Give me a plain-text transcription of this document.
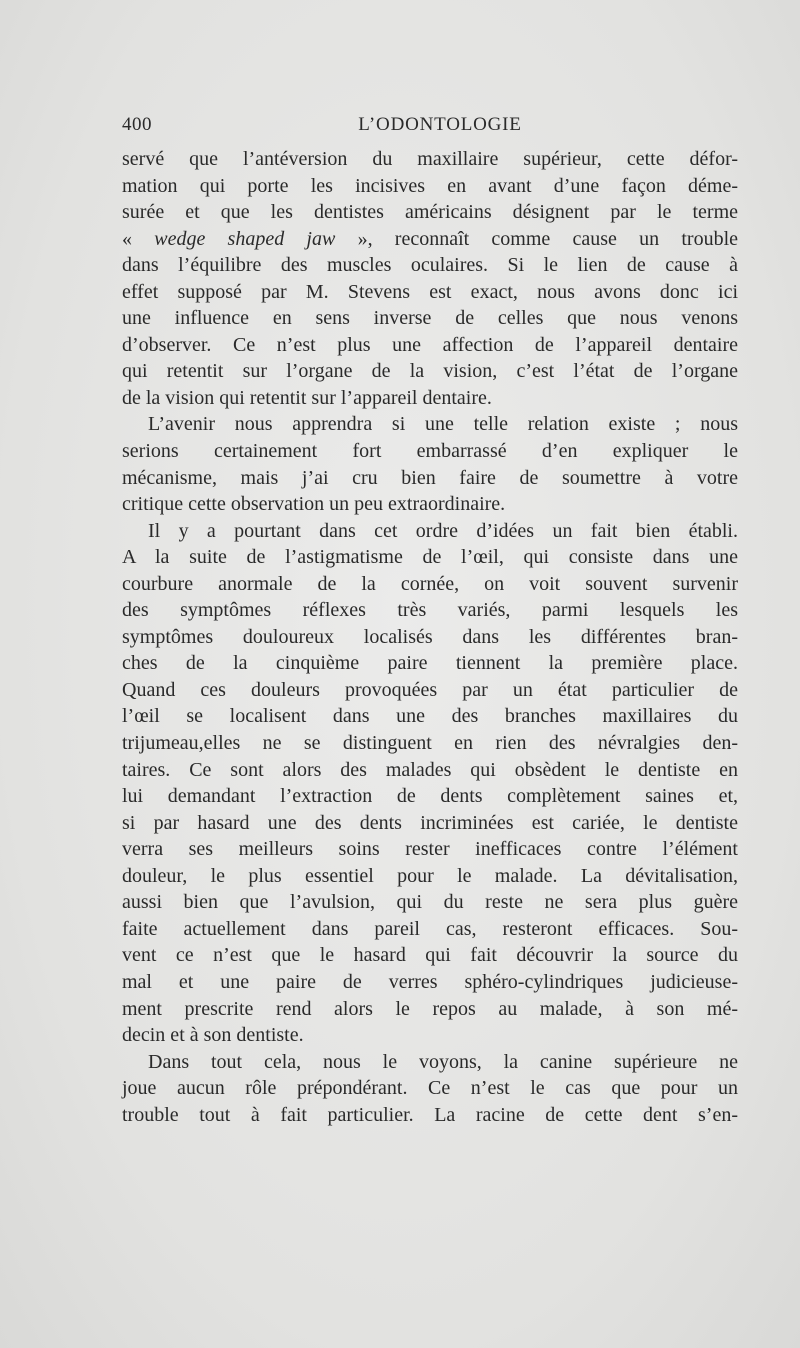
400	L’ODONTOLOGIE
servé que l’antéversion du maxillaire supérieur, cette défor-
mation qui porte les incisives en avant d’une façon déme-
surée et que les dentistes américains désignent par le terme
« wedge shaped jaw », reconnaît comme cause un trouble
dans l’équilibre des muscles oculaires. Si le lien de cause à
effet supposé par M. Stevens est exact, nous avons donc ici
une influence en sens inverse de celles que nous venons
d’observer. Ce n’est plus une affection de l’appareil dentaire
qui retentit sur l’organe de la vision, c’est l’état de l’organe
de la vision qui retentit sur l’appareil dentaire.
L’avenir nous apprendra si une telle relation existe ; nous
serions certainement fort embarrassé d’en expliquer le
mécanisme, mais j’ai cru bien faire de soumettre à votre
critique cette observation un peu extraordinaire.
Il y a pourtant dans cet ordre d’idées un fait bien établi.
A la suite de l’astigmatisme de l’œil, qui consiste dans une
courbure anormale de la cornée, on voit souvent survenir
des symptômes réflexes très variés, parmi lesquels les
symptômes douloureux localisés dans les différentes bran-
ches de la cinquième paire tiennent la première place.
Quand ces douleurs provoquées par un état particulier de
l’œil se localisent dans une des branches maxillaires du
trijumeau,elles ne se distinguent en rien des névralgies den-
taires. Ce sont alors des malades qui obsèdent le dentiste en
lui demandant l’extraction de dents complètement saines et,
si par hasard une des dents incriminées est cariée, le dentiste
verra ses meilleurs soins rester inefficaces contre l’élément
douleur, le plus essentiel pour le malade. La dévitalisation,
aussi bien que l’avulsion, qui du reste ne sera plus guère
faite actuellement dans pareil cas, resteront efficaces. Sou-
vent ce n’est que le hasard qui fait découvrir la source du
mal et une paire de verres sphéro-cylindriques judicieuse-
ment prescrite rend alors le repos au malade, à son mé-
decin et à son dentiste.
Dans tout cela, nous le voyons, la canine supérieure ne
joue aucun rôle prépondérant. Ce n’est le cas que pour un
trouble tout à fait particulier. La racine de cette dent s’en-
